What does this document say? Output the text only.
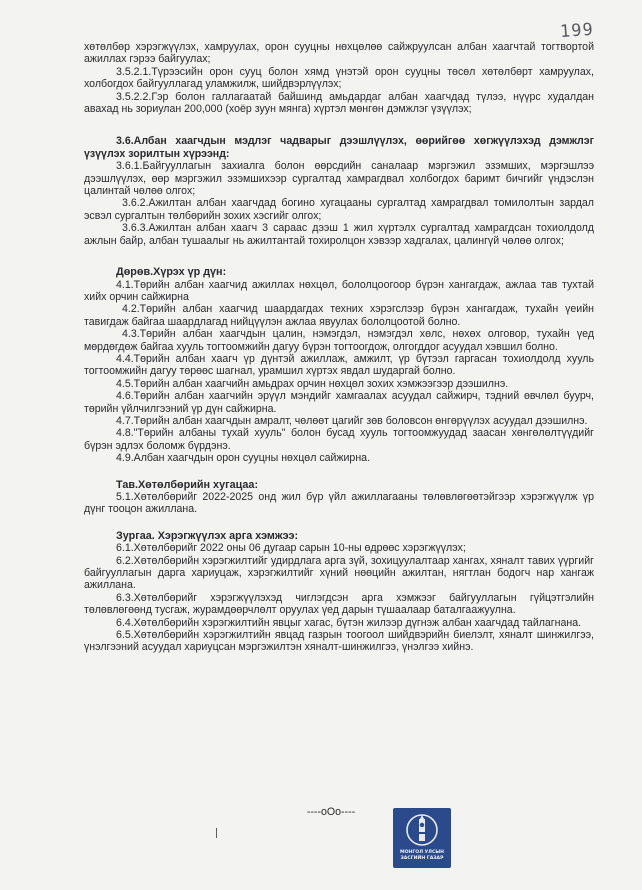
199

хөтөлбөр хэрэгжүүлэх, хамруулах, орон сууцны нөхцөлөө сайжруулсан албан хаагчтай тогтвортой ажиллах гэрээ байгуулах;

3.5.2.1.Түрээсийн орон сууц болон хямд үнэтэй орон сууцны төсөл хөтөлбөрт хамруулах, холбогдох байгууллагад уламжилж, шийдвэрлүүлэх;

3.5.2.2.Гэр болон галлагаатай байшинд амьдардаг албан хаагчдад түлээ, нүүрс худалдан авахад нь зориулан 200,000 (хоёр зуун мянга) хүртэл мөнгөн дэмжлэг үзүүлэх;

3.6.Албан хаагчдын мэдлэг чадварыг дээшлүүлэх, өөрийгөө хөгжүүлэхэд дэмжлэг үзүүлэх зорилтын хүрээнд:

3.6.1.Байгууллагын захиалга болон өөрсдийн саналаар мэргэжил эзэмших, мэргэшлээ дээшлүүлэх, өөр мэргэжил эзэмшихээр сургалтад хамрагдвал холбогдох баримт бичгийг үндэслэн цалинтай чөлөө олгох;

3.6.2.Ажилтан албан хаагчдад богино хугацааны сургалтад хамрагдвал томилолтын зардал эсвэл сургалтын төлбөрийн зохих хэсгийг олгох;

3.6.3.Ажилтан албан хаагч 3 сараас дээш 1 жил хүртэлх сургалтад хамрагдсан тохиолдолд ажлын байр, албан тушаалыг нь ажилтантай тохиролцон хэвээр хадгалах, цалингүй чөлөө олгох;

Дөрөв.Хүрэх үр дүн:

4.1.Төрийн албан хаагчид ажиллах нөхцөл, бололцоогоор бүрэн хангагдаж, ажлаа тав тухтай хийх орчин сайжирна

4.2.Төрийн албан хаагчид шаардагдах техних хэрэгслээр бүрэн хангагдаж, тухайн үеийн тавигдаж байгаа шаардлагад нийцүүлэн ажлаа явуулах бололцоотой болно.

4.3.Төрийн албан хаагчдын цалин, нэмэгдэл, нэмэгдэл хөлс, нөхөх олговор, тухайн үед мөрдөгдөж байгаа хууль тогтоомжийн дагуу бүрэн тогтоогдож, олгогддог асуудал хэвшил болно.

4.4.Төрийн албан хаагч үр дүнтэй ажиллаж, амжилт, үр бүтээл гаргасан тохиолдолд хууль тогтоомжийн дагуу төрөөс шагнал, урамшил хүртэх явдал шударгай болно.

4.5.Төрийн албан хаагчийн амьдрах орчин нөхцөл зохих хэмжээгээр дээшилнэ.

4.6.Төрийн албан хаагчийн эрүүл мэндийг хамгаалах асуудал сайжирч, тэдний өвчлөл буурч, төрийн үйлчилгээний үр дүн сайжирна.

4.7.Төрийн албан хаагчдын амралт, чөлөөт цагийг зөв боловсон өнгөрүүлэх асуудал дээшилнэ.

4.8."Төрийн албаны тухай хууль" болон бусад хууль тогтоомжуудад заасан хөнгөлөлтүүдийг бүрэн эдлэх боломж бүрдэнэ.

4.9.Албан хаагчдын орон сууцны нөхцөл сайжирна.

Тав.Хөтөлбөрийн хугацаа:

5.1.Хөтөлбөрийг 2022-2025 онд жил бүр үйл ажиллагааны төлөвлөгөөтэйгээр хэрэгжүүлж үр дүнг тооцон ажиллана.

Зургаа. Хэрэгжүүлэх арга хэмжээ:

6.1.Хөтөлбөрийг 2022 оны 06 дугаар сарын 10-ны өдрөөс хэрэгжүүлэх;

6.2.Хөтөлбөрийн хэрэгжилтийг удирдлага арга зүй, зохицуулалтаар хангах, хяналт тавих үүргийг байгууллагын дарга хариуцаж, хэрэгжилтийг хүний нөөцийн ажилтан, нягтлан бодогч нар хангаж ажиллана.

6.3.Хөтөлбөрийг хэрэгжүүлэхэд чиглэгдсэн арга хэмжээг байгууллагын гүйцэтгэлийн төлөвлөгөөнд тусгаж, журамдөөрчлөлт оруулах үед дарын түшаалаар баталгаажуулна.

6.4.Хөтөлбөрийн хэрэгжилтийн явцыг хагас, бүтэн жилээр дүгнэж албан хаагчдад тайлагнана.

6.5.Хөтөлбөрийн хэрэгжилтийн явцад газрын тоогоол шийдвэрийн биелэлт, хяналт шинжилгээ, үнэлгээний асуудал хариуцсан мэргэжилтэн хяналт-шинжилгээ, үнэлгээ хийнэ.

----oOo----
МОНГОЛ УЛСЫН
ЗАСГИЙН ГАЗАР
